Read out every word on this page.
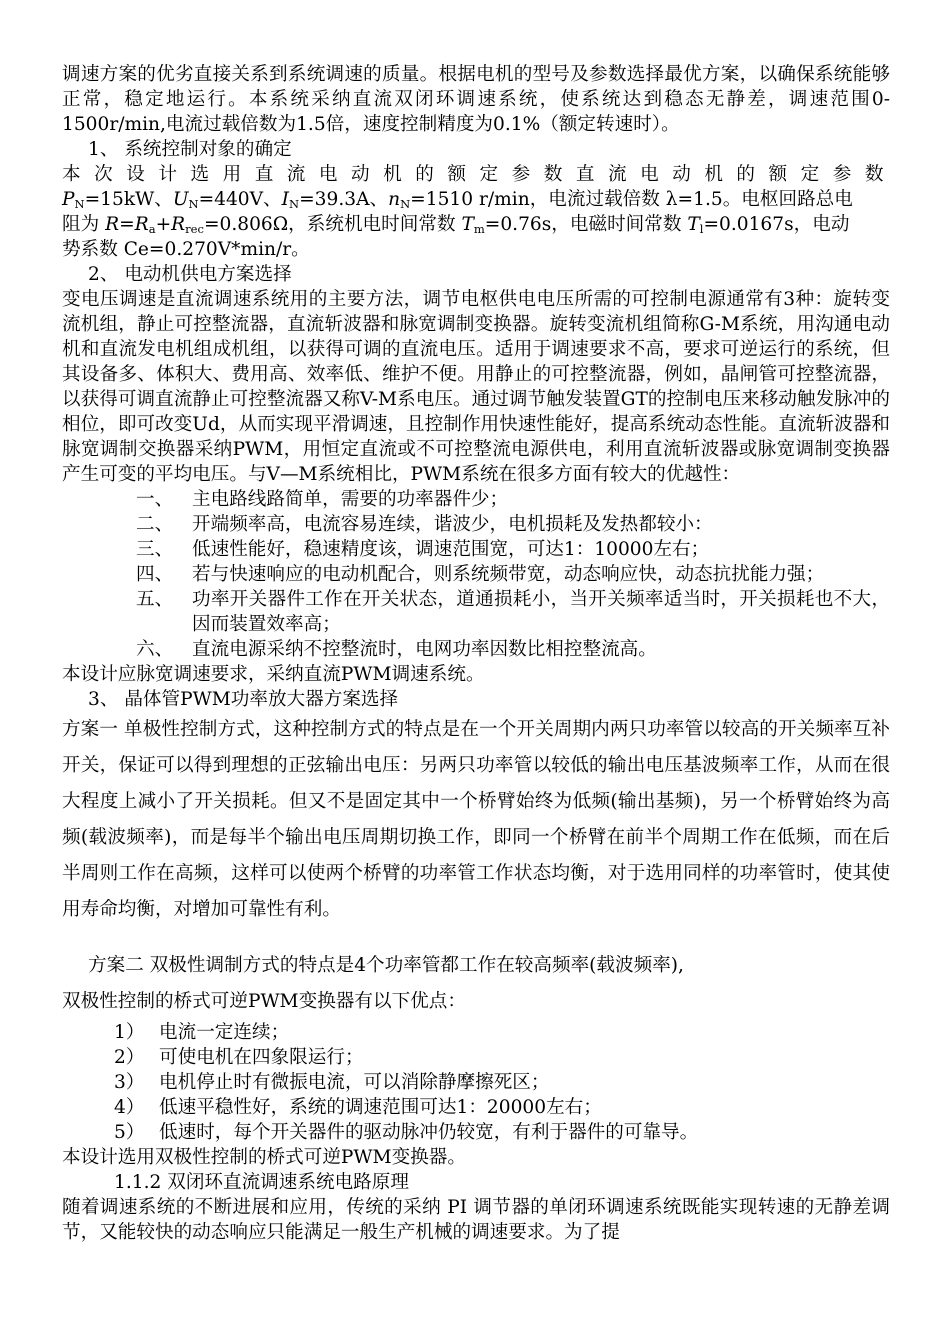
调速方案的优劣直接关系到系统调速的质量。根据电机的型号及参数选择最优方案，以确保系统能够正常，稳定地运行。本系统采纳直流双闭环调速系统，使系统达到稳态无静差，调速范围0-1500r/min,电流过载倍数为1.5倍，速度控制精度为0.1%（额定转速时）。

1、 系统控制对象的确定

本次设计选用直流电动机的额定参数直流电动机的额定参数

$P_N=15kW$、$U_N=440V$、$I_N=39.3A$、$n_N=1510$ r/min，电流过载倍数 λ=1.5。电枢回路总电
阻为 $R=R_a+R_{rec}=0.806\Omega$，系统机电时间常数 $T_m=0.76s$，电磁时间常数 $T_l=0.0167s$，电动
势系数 Ce=0.270V*min/r。

2、 电动机供电方案选择

变电压调速是直流调速系统用的主要方法，调节电枢供电电压所需的可控制电源通常有3种：旋转变流机组，静止可控整流器，直流斩波器和脉宽调制变换器。旋转变流机组简称G-M系统，用沟通电动机和直流发电机组成机组，以获得可调的直流电压。适用于调速要求不高，要求可逆运行的系统，但其设备多、体积大、费用高、效率低、维护不便。用静止的可控整流器，例如，晶闸管可控整流器，以获得可调直流静止可控整流器又称V-M系电压。通过调节触发装置GT的控制电压来移动触发脉冲的相位，即可改变Ud，从而实现平滑调速，且控制作用快速性能好，提高系统动态性能。直流斩波器和脉宽调制交换器采纳PWM，用恒定直流或不可控整流电源供电，利用直流斩波器或脉宽调制变换器产生可变的平均电压。与V—M系统相比，PWM系统在很多方面有较大的优越性：

一、	主电路线路简单，需要的功率器件少；
二、	开端频率高，电流容易连续，谐波少，电机损耗及发热都较小：
三、	低速性能好，稳速精度该，调速范围宽，可达1：10000左右；
四、	若与快速响应的电动机配合，则系统频带宽，动态响应快，动态抗扰能力强；
五、	功率开关器件工作在开关状态，道通损耗小，当开关频率适当时，开关损耗也不大，因而装置效率高；
六、	直流电源采纳不控整流时，电网功率因数比相控整流高。

本设计应脉宽调速要求，采纳直流PWM调速系统。

3、 晶体管PWM功率放大器方案选择

方案一 单极性控制方式，这种控制方式的特点是在一个开关周期内两只功率管以较高的开关频率互补开关，保证可以得到理想的正弦输出电压：另两只功率管以较低的输出电压基波频率工作，从而在很大程度上减小了开关损耗。但又不是固定其中一个桥臂始终为低频(输出基频)，另一个桥臂始终为高频(载波频率)，而是每半个输出电压周期切换工作，即同一个桥臂在前半个周期工作在低频，而在后半周则工作在高频，这样可以使两个桥臂的功率管工作状态均衡，对于选用同样的功率管时，使其使用寿命均衡，对增加可靠性有利。

方案二 双极性调制方式的特点是4个功率管都工作在较高频率(载波频率),

双极性控制的桥式可逆PWM变换器有以下优点：

1） 电流一定连续；
2） 可使电机在四象限运行；
3） 电机停止时有微振电流，可以消除静摩擦死区；
4） 低速平稳性好，系统的调速范围可达1：20000左右；
5） 低速时，每个开关器件的驱动脉冲仍较宽，有利于器件的可靠导。

本设计选用双极性控制的桥式可逆PWM变换器。

1.1.2 双闭环直流调速系统电路原理

随着调速系统的不断进展和应用，传统的采纳 PI 调节器的单闭环调速系统既能实现转速的无静差调节，又能较快的动态响应只能满足一般生产机械的调速要求。为了提
